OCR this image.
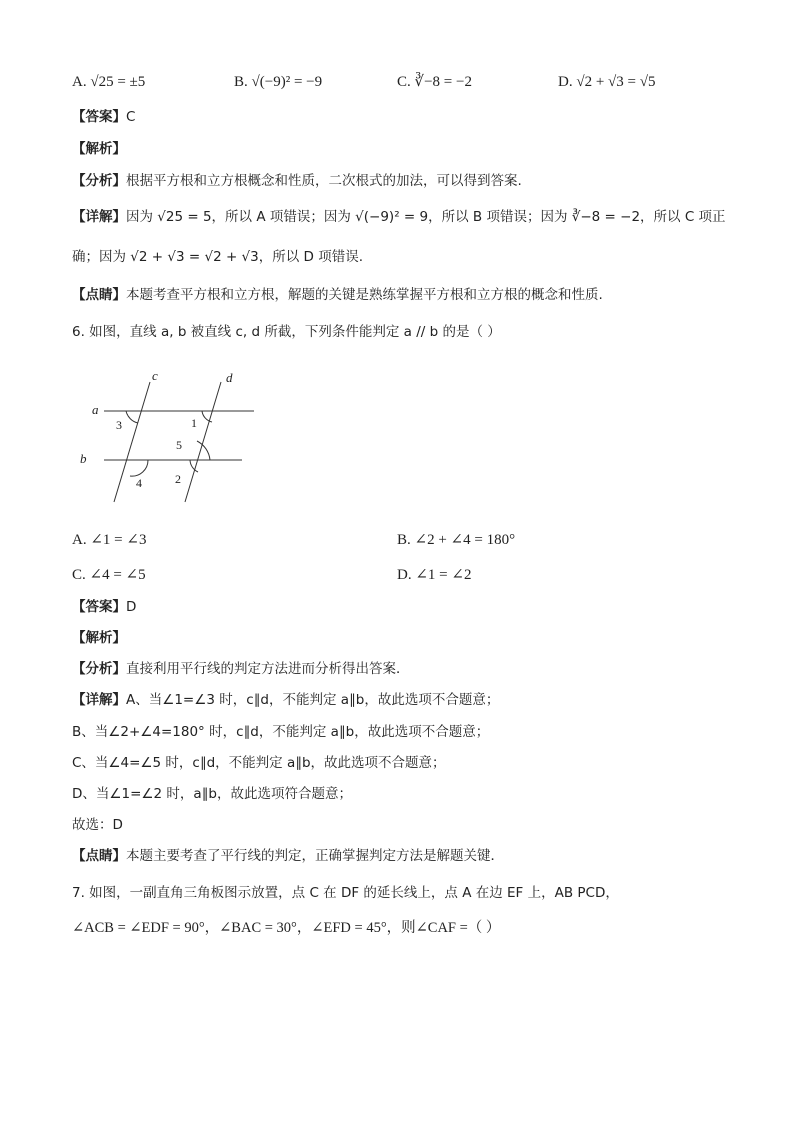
A. √25 = ±5	B. √(−9)² = −9	C. ∛−8 = −2	D. √2 + √3 = √5
【答案】C
【解析】
【分析】根据平方根和立方根概念和性质，二次根式的加法，可以得到答案.
【详解】因为 √25 = 5，所以 A 项错误；因为 √(−9)² = 9，所以 B 项错误；因为 ∛−8 = −2，所以 C 项正
确；因为 √2 + √3 = √2 + √3，所以 D 项错误.
【点睛】本题考查平方根和立方根，解题的关键是熟练掌握平方根和立方根的概念和性质.
6. 如图，直线 a, b 被直线 c, d 所截，下列条件能判定 a // b 的是（ ）
c	d
a
b
3	1
5
2
4
A. ∠1 = ∠3	B. ∠2 + ∠4 = 180°
C. ∠4 = ∠5	D. ∠1 = ∠2
【答案】D
【解析】
【分析】直接利用平行线的判定方法进而分析得出答案．
【详解】A、当∠1=∠3 时，c∥d，不能判定 a∥b，故此选项不合题意；
B、当∠2+∠4=180° 时，c∥d，不能判定 a∥b，故此选项不合题意；
C、当∠4=∠5 时，c∥d，不能判定 a∥b，故此选项不合题意；
D、当∠1=∠2 时，a∥b，故此选项符合题意；
故选：D
【点睛】本题主要考查了平行线的判定，正确掌握判定方法是解题关键．
7. 如图，一副直角三角板图示放置，点 C 在 DF 的延长线上，点 A 在边 EF 上，AB PCD，
∠ACB = ∠EDF = 90°，∠BAC = 30°，∠EFD = 45°，则∠CAF =（ ）
